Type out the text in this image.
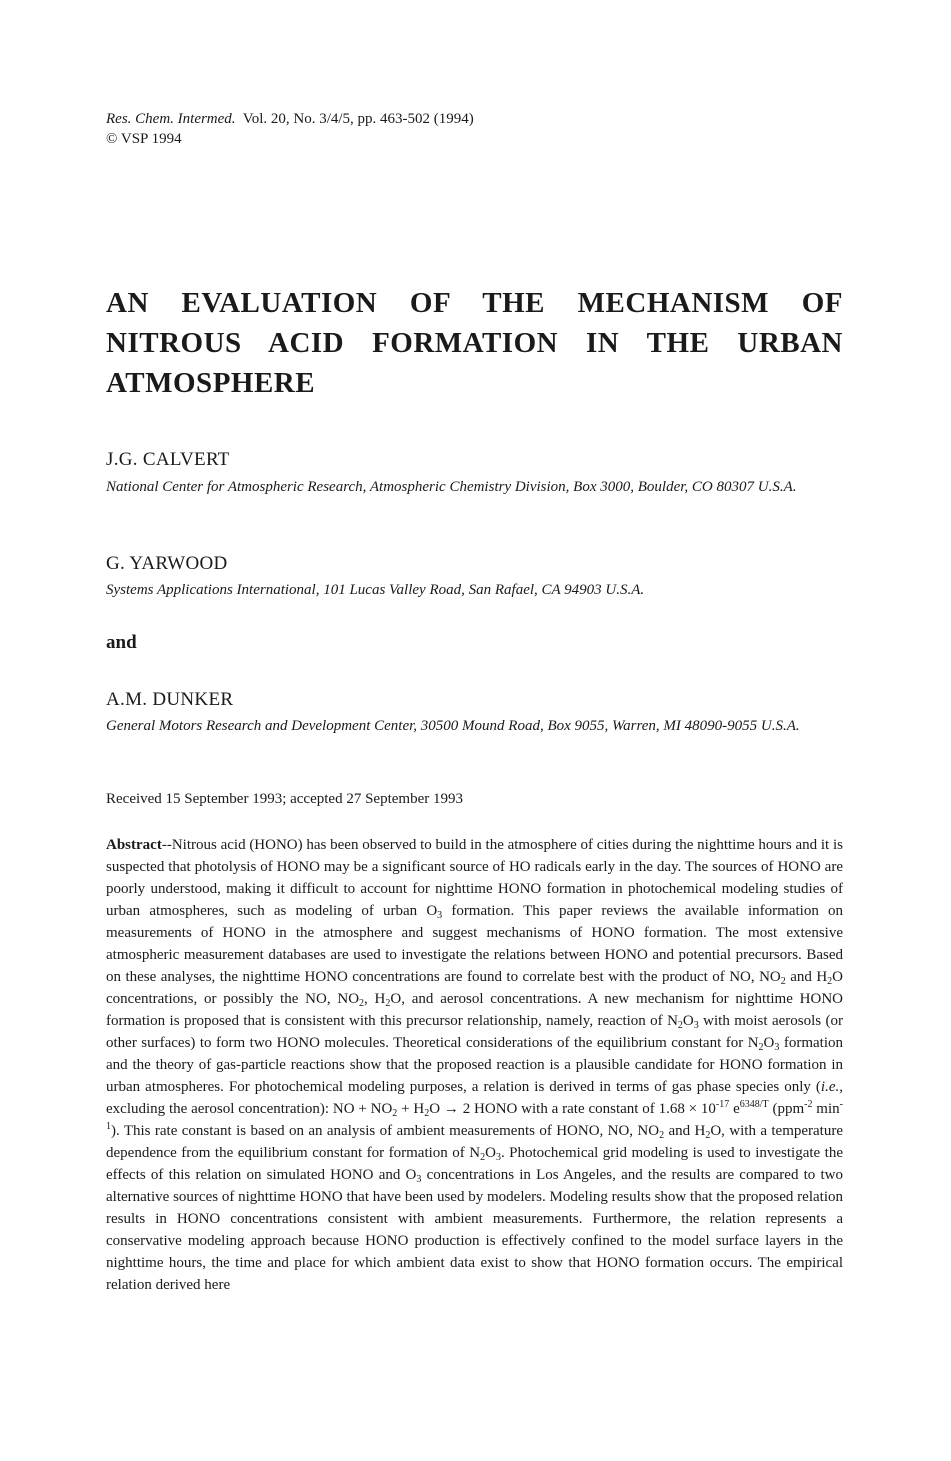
Res. Chem. Intermed. Vol. 20, No. 3/4/5, pp. 463-502 (1994)
© VSP 1994
AN EVALUATION OF THE MECHANISM OF
NITROUS ACID FORMATION IN THE URBAN
ATMOSPHERE
J.G. CALVERT
National Center for Atmospheric Research, Atmospheric Chemistry Division, Box 3000, Boulder, CO 80307 U.S.A.
G. YARWOOD
Systems Applications International, 101 Lucas Valley Road, San Rafael, CA 94903 U.S.A.
and
A.M. DUNKER
General Motors Research and Development Center, 30500 Mound Road, Box 9055, Warren, MI 48090-9055 U.S.A.
Received 15 September 1993; accepted 27 September 1993
Abstract--Nitrous acid (HONO) has been observed to build in the atmosphere of cities during the nighttime hours and it is suspected that photolysis of HONO may be a significant source of HO radicals early in the day. The sources of HONO are poorly understood, making it difficult to account for nighttime HONO formation in photochemical modeling studies of urban atmospheres, such as modeling of urban $O_3$ formation. This paper reviews the available information on measurements of HONO in the atmosphere and suggest mechanisms of HONO formation. The most extensive atmospheric measurement databases are used to investigate the relations between HONO and potential precursors. Based on these analyses, the nighttime HONO concentrations are found to correlate best with the product of NO, $NO_2$ and $H_2O$ concentrations, or possibly the NO, $NO_2$, $H_2O$, and aerosol concentrations. A new mechanism for nighttime HONO formation is proposed that is consistent with this precursor relationship, namely, reaction of $N_2O_3$ with moist aerosols (or other surfaces) to form two HONO molecules. Theoretical considerations of the equilibrium constant for $N_2O_3$ formation and the theory of gas-particle reactions show that the proposed reaction is a plausible candidate for HONO formation in urban atmospheres. For photochemical modeling purposes, a relation is derived in terms of gas phase species only (i.e., excluding the aerosol concentration): NO + $NO_2 + H_2O \to 2$ HONO with a rate constant of $1.68 \times 10^{-17}$ $e^{6348/T}$ (ppm$^{-2}$ $\min^{-1}$). This rate constant is based on an analysis of ambient measurements of HONO, NO, $NO_2$ and $H_2O$, with a temperature dependence from the equilibrium constant for formation of $N_2O_3$. Photochemical grid modeling is used to investigate the effects of this relation on simulated HONO and $O_3$ concentrations in Los Angeles, and the results are compared to two alternative sources of nighttime HONO that have been used by modelers. Modeling results show that the proposed relation results in HONO concentrations consistent with ambient measurements. Furthermore, the relation represents a conservative modeling approach because HONO production is effectively confined to the model surface layers in the nighttime hours, the time and place for which ambient data exist to show that HONO formation occurs. The empirical relation derived here
